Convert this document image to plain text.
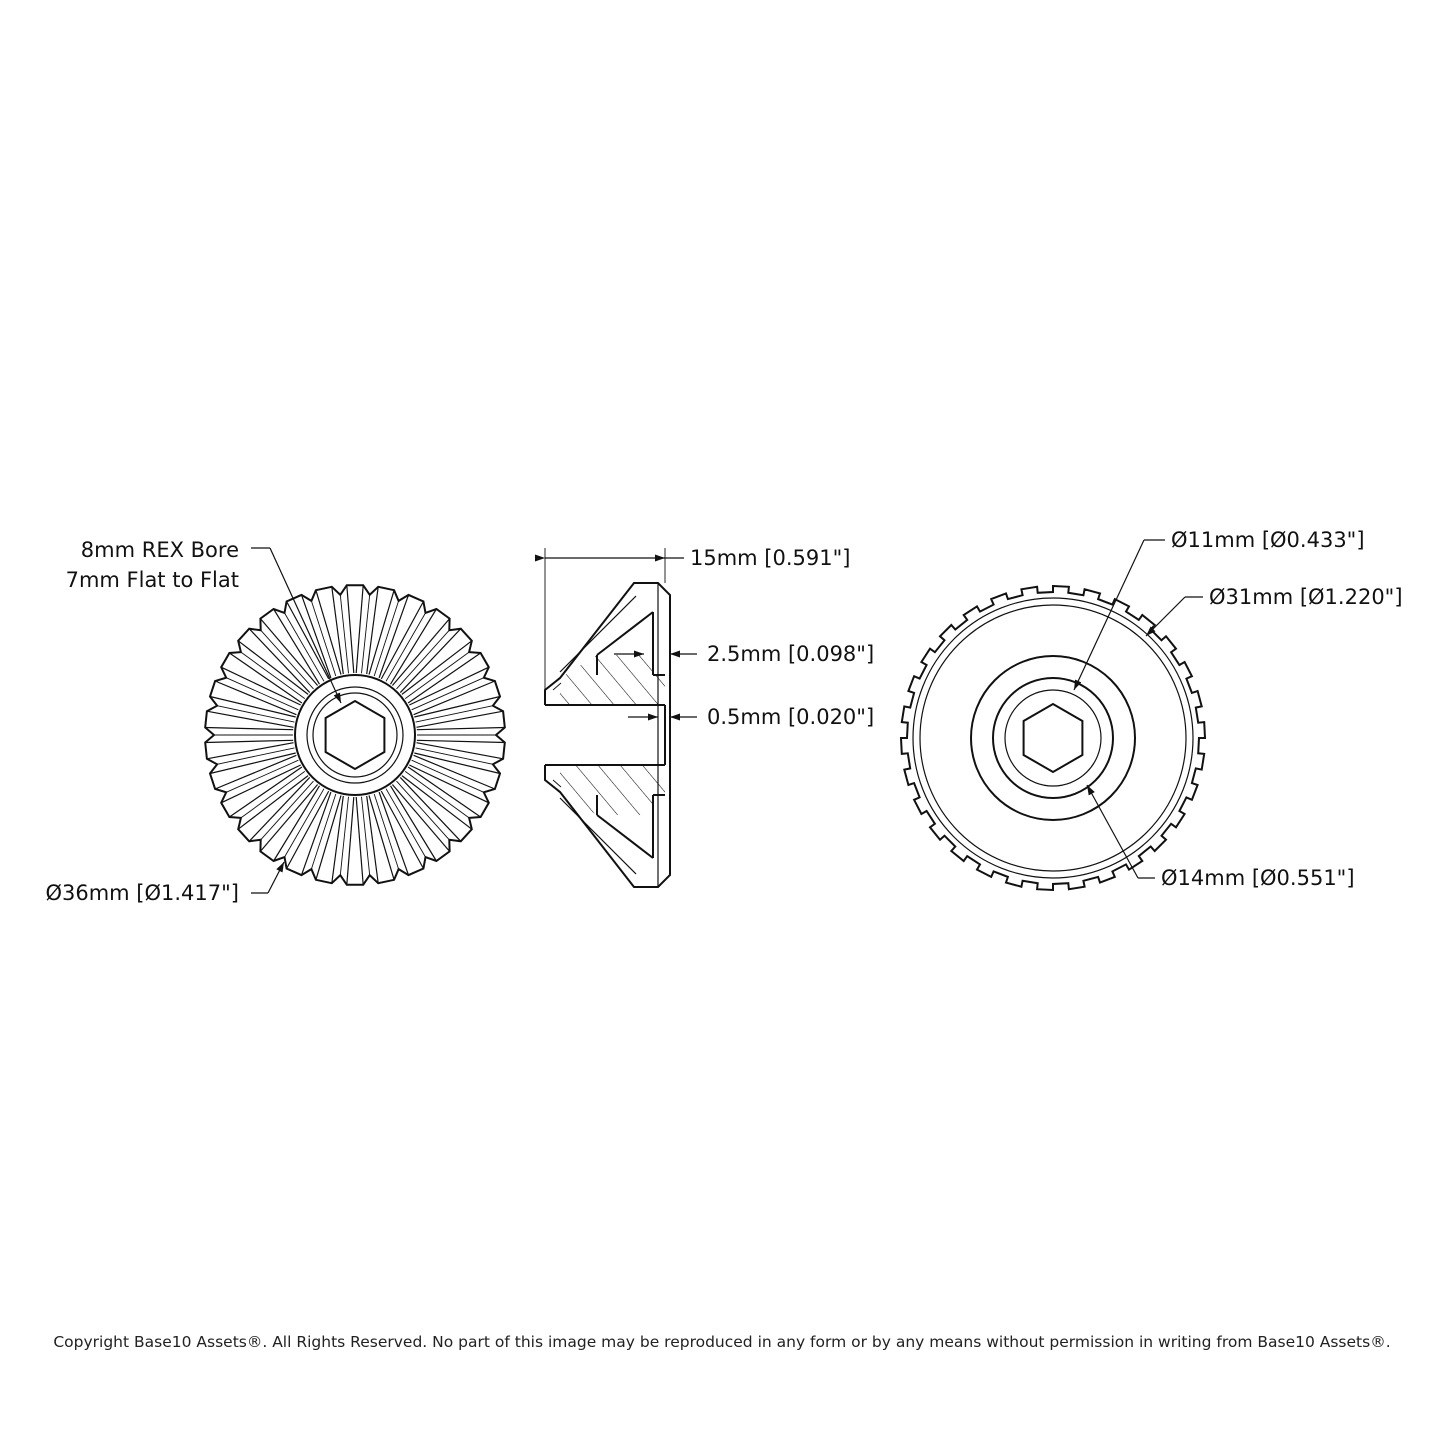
8mm REX Bore
7mm Flat to Flat
Ø36mm [Ø1.417"]
15mm [0.591"]
2.5mm [0.098"]
0.5mm [0.020"]
Ø11mm [Ø0.433"]
Ø31mm [Ø1.220"]
Ø14mm [Ø0.551"]
Copyright Base10 Assets®. All Rights Reserved. No part of this image may be reproduced in any form or by any means without permission in writing from Base10 Assets®.
